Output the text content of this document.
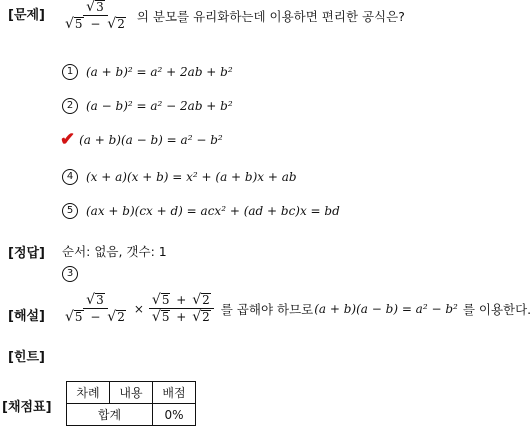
[문제] $\frac{√ 3}{√ 5 - √ 2}$ 의 분모를 유리화하는데 이용하면 편리한 공식은?
1	(a + b)² = a² + 2ab + b²
2	(a − b)² = a² − 2ab + b²
✔ (a + b)(a − b) = a² − b²
4	(x + a)(x + b) = x² + (a + b)x + ab
5	(ax + b)(cx + d) = acx² + (ad + bc)x = bd
[정답] 순서: 없음, 갯수: 1
3
[해설] $\frac{√ 3}{√ 5 - √ 2} \times \frac{√ 5 + √ 2}{√ 5 + √ 2}$ 를 곱해야 하므로 (a + b)(a − b) = a² − b² 를 이용한다.
[힌트]
[채점표]
차례	내용	배점
합계		0%
